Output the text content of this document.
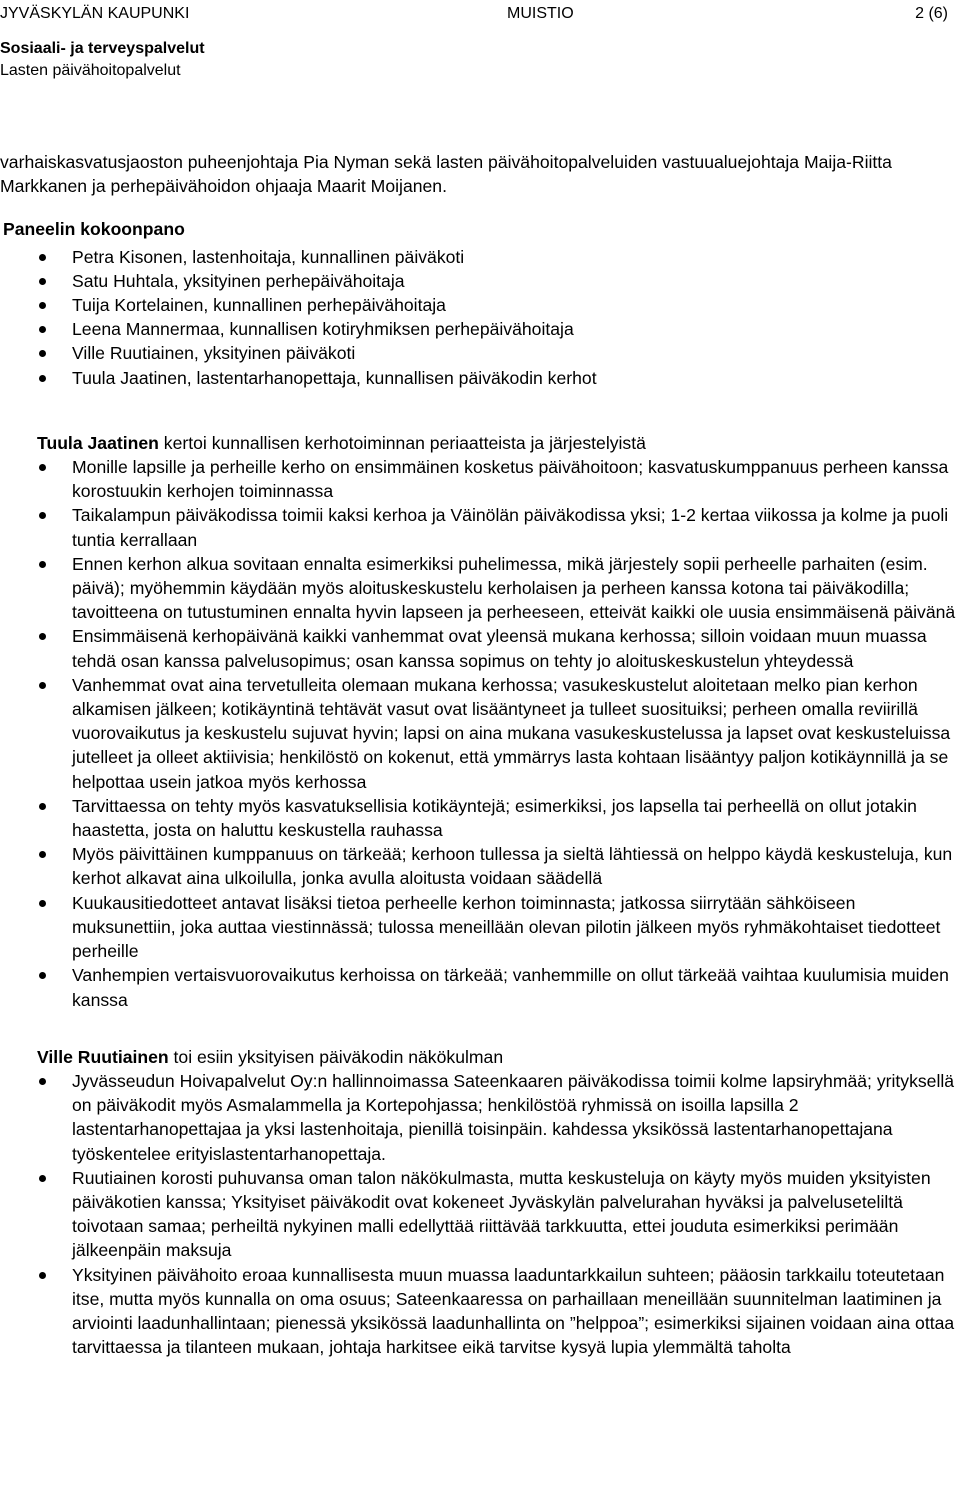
JYVÄSKYLÄN KAUPUNKI	MUISTIO	2 (6)
Sosiaali- ja terveyspalvelut
Lasten päivähoitopalvelut

varhaiskasvatusjaoston puheenjohtaja Pia Nyman sekä lasten päivähoitopalveluiden vastuualuejohtaja Maija-Riitta Markkanen ja perhepäivähoidon ohjaaja Maarit Moijanen.

Paneelin kokoonpano

Petra Kisonen, lastenhoitaja, kunnallinen päiväkoti
Satu Huhtala, yksityinen perhepäivähoitaja
Tuija Kortelainen, kunnallinen perhepäivähoitaja
Leena Mannermaa, kunnallisen kotiryhmiksen perhepäivähoitaja
Ville Ruutiainen, yksityinen päiväkoti
Tuula Jaatinen, lastentarhanopettaja, kunnallisen päiväkodin kerhot

Tuula Jaatinen kertoi kunnallisen kerhotoiminnan periaatteista ja järjestelyistä

Monille lapsille ja perheille kerho on ensimmäinen kosketus päivähoitoon; kasvatuskumppanuus perheen kanssa korostuukin kerhojen toiminnassa
Taikalampun päiväkodissa toimii kaksi kerhoa ja Väinölän päiväkodissa yksi; 1-2 kertaa viikossa ja kolme ja puoli tuntia kerrallaan
Ennen kerhon alkua sovitaan ennalta esimerkiksi puhelimessa, mikä järjestely sopii perheelle parhaiten (esim. päivä); myöhemmin käydään myös aloituskeskustelu kerholaisen ja perheen kanssa kotona tai päiväkodilla; tavoitteena on tutustuminen ennalta hyvin lapseen ja perheeseen, etteivät kaikki ole uusia ensimmäisenä päivänä
Ensimmäisenä kerhopäivänä kaikki vanhemmat ovat yleensä mukana kerhossa; silloin voidaan muun muassa tehdä osan kanssa palvelusopimus; osan kanssa sopimus on tehty jo aloituskeskustelun yhteydessä
Vanhemmat ovat aina tervetulleita olemaan mukana kerhossa; vasukeskustelut aloitetaan melko pian kerhon alkamisen jälkeen; kotikäyntinä tehtävät vasut ovat lisääntyneet ja tulleet suosituiksi; perheen omalla reviirillä vuorovaikutus ja keskustelu sujuvat hyvin; lapsi on aina mukana vasukeskustelussa ja lapset ovat keskusteluissa jutelleet ja olleet aktiivisia; henkilöstö on kokenut, että ymmärrys lasta kohtaan lisääntyy paljon kotikäynnillä ja se helpottaa usein jatkoa myös kerhossa
Tarvittaessa on tehty myös kasvatuksellisia kotikäyntejä; esimerkiksi, jos lapsella tai perheellä on ollut jotakin haastetta, josta on haluttu keskustella rauhassa
Myös päivittäinen kumppanuus on tärkeää; kerhoon tullessa ja sieltä lähtiessä on helppo käydä keskusteluja, kun kerhot alkavat aina ulkoilulla, jonka avulla aloitusta voidaan säädellä
Kuukausitiedotteet antavat lisäksi tietoa perheelle kerhon toiminnasta; jatkossa siirrytään sähköiseen muksunettiin, joka auttaa viestinnässä; tulossa meneillään olevan pilotin jälkeen myös ryhmäkohtaiset tiedotteet perheille
Vanhempien vertaisvuorovaikutus kerhoissa on tärkeää; vanhemmille on ollut tärkeää vaihtaa kuulumisia muiden kanssa

Ville Ruutiainen toi esiin yksityisen päiväkodin näkökulman

Jyvässeudun Hoivapalvelut Oy:n hallinnoimassa Sateenkaaren päiväkodissa toimii kolme lapsiryhmää; yrityksellä on päiväkodit myös Asmalammella ja Kortepohjassa; henkilöstöä ryhmissä on isoilla lapsilla 2 lastentarhanopettajaa ja yksi lastenhoitaja, pienillä toisinpäin. kahdessa yksikössä lastentarhanopettajana työskentelee erityislastentarhanopettaja.
Ruutiainen korosti puhuvansa oman talon näkökulmasta, mutta keskusteluja on käyty myös muiden yksityisten päiväkotien kanssa; Yksityiset päiväkodit ovat kokeneet Jyväskylän palvelurahan hyväksi ja palveluseteliltä toivotaan samaa; perheiltä nykyinen malli edellyttää riittävää tarkkuutta, ettei jouduta esimerkiksi perimään jälkeenpäin maksuja
Yksityinen päivähoito eroaa kunnallisesta muun muassa laaduntarkkailun suhteen; pääosin tarkkailu toteutetaan itse, mutta myös kunnalla on oma osuus; Sateenkaaressa on parhaillaan meneillään suunnitelman laatiminen ja arviointi laadunhallintaan; pienessä yksikössä laadunhallinta on ”helppoa”; esimerkiksi sijainen voidaan aina ottaa tarvittaessa ja tilanteen mukaan, johtaja harkitsee eikä tarvitse kysyä lupia ylemmältä taholta
